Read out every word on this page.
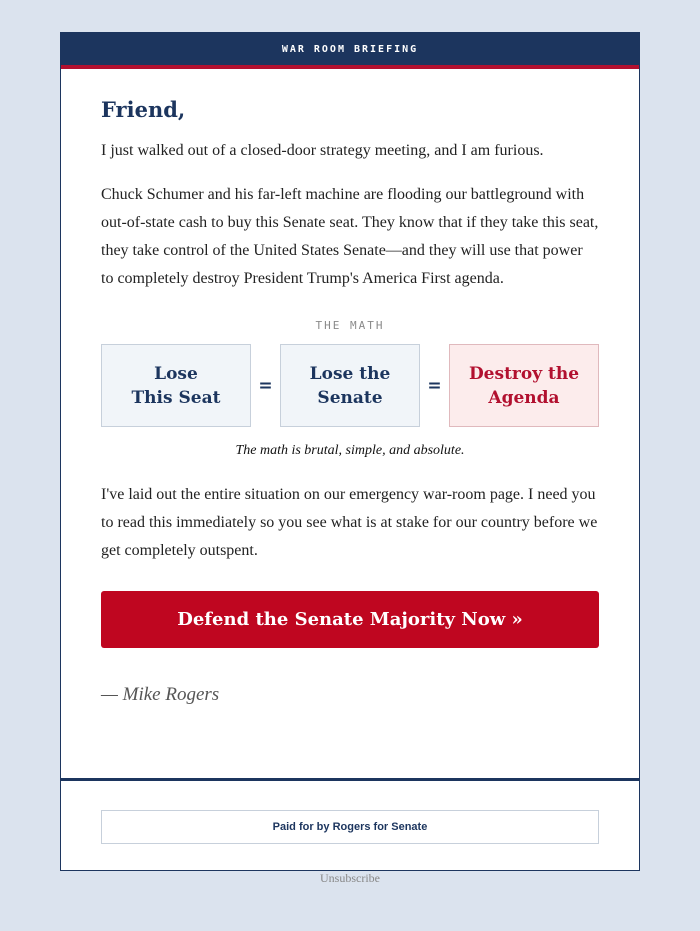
WAR ROOM BRIEFING
Friend,

I just walked out of a closed-door strategy meeting, and I am furious.

Chuck Schumer and his far-left machine are flooding our battleground with out-of-state cash to buy this Senate seat. They know that if they take this seat, they take control of the United States Senate—and they will use that power to completely destroy President Trump's America First agenda.

THE MATH
Lose
This Seat
=
Lose the
Senate
=
Destroy the
Agenda
The math is brutal, simple, and absolute.

I've laid out the entire situation on our emergency war-room page. I need you to read this immediately so you see what is at stake for our country before we get completely outspent.

Defend the Senate Majority Now »
— Mike Rogers
Paid for by Rogers for Senate
Unsubscribe
